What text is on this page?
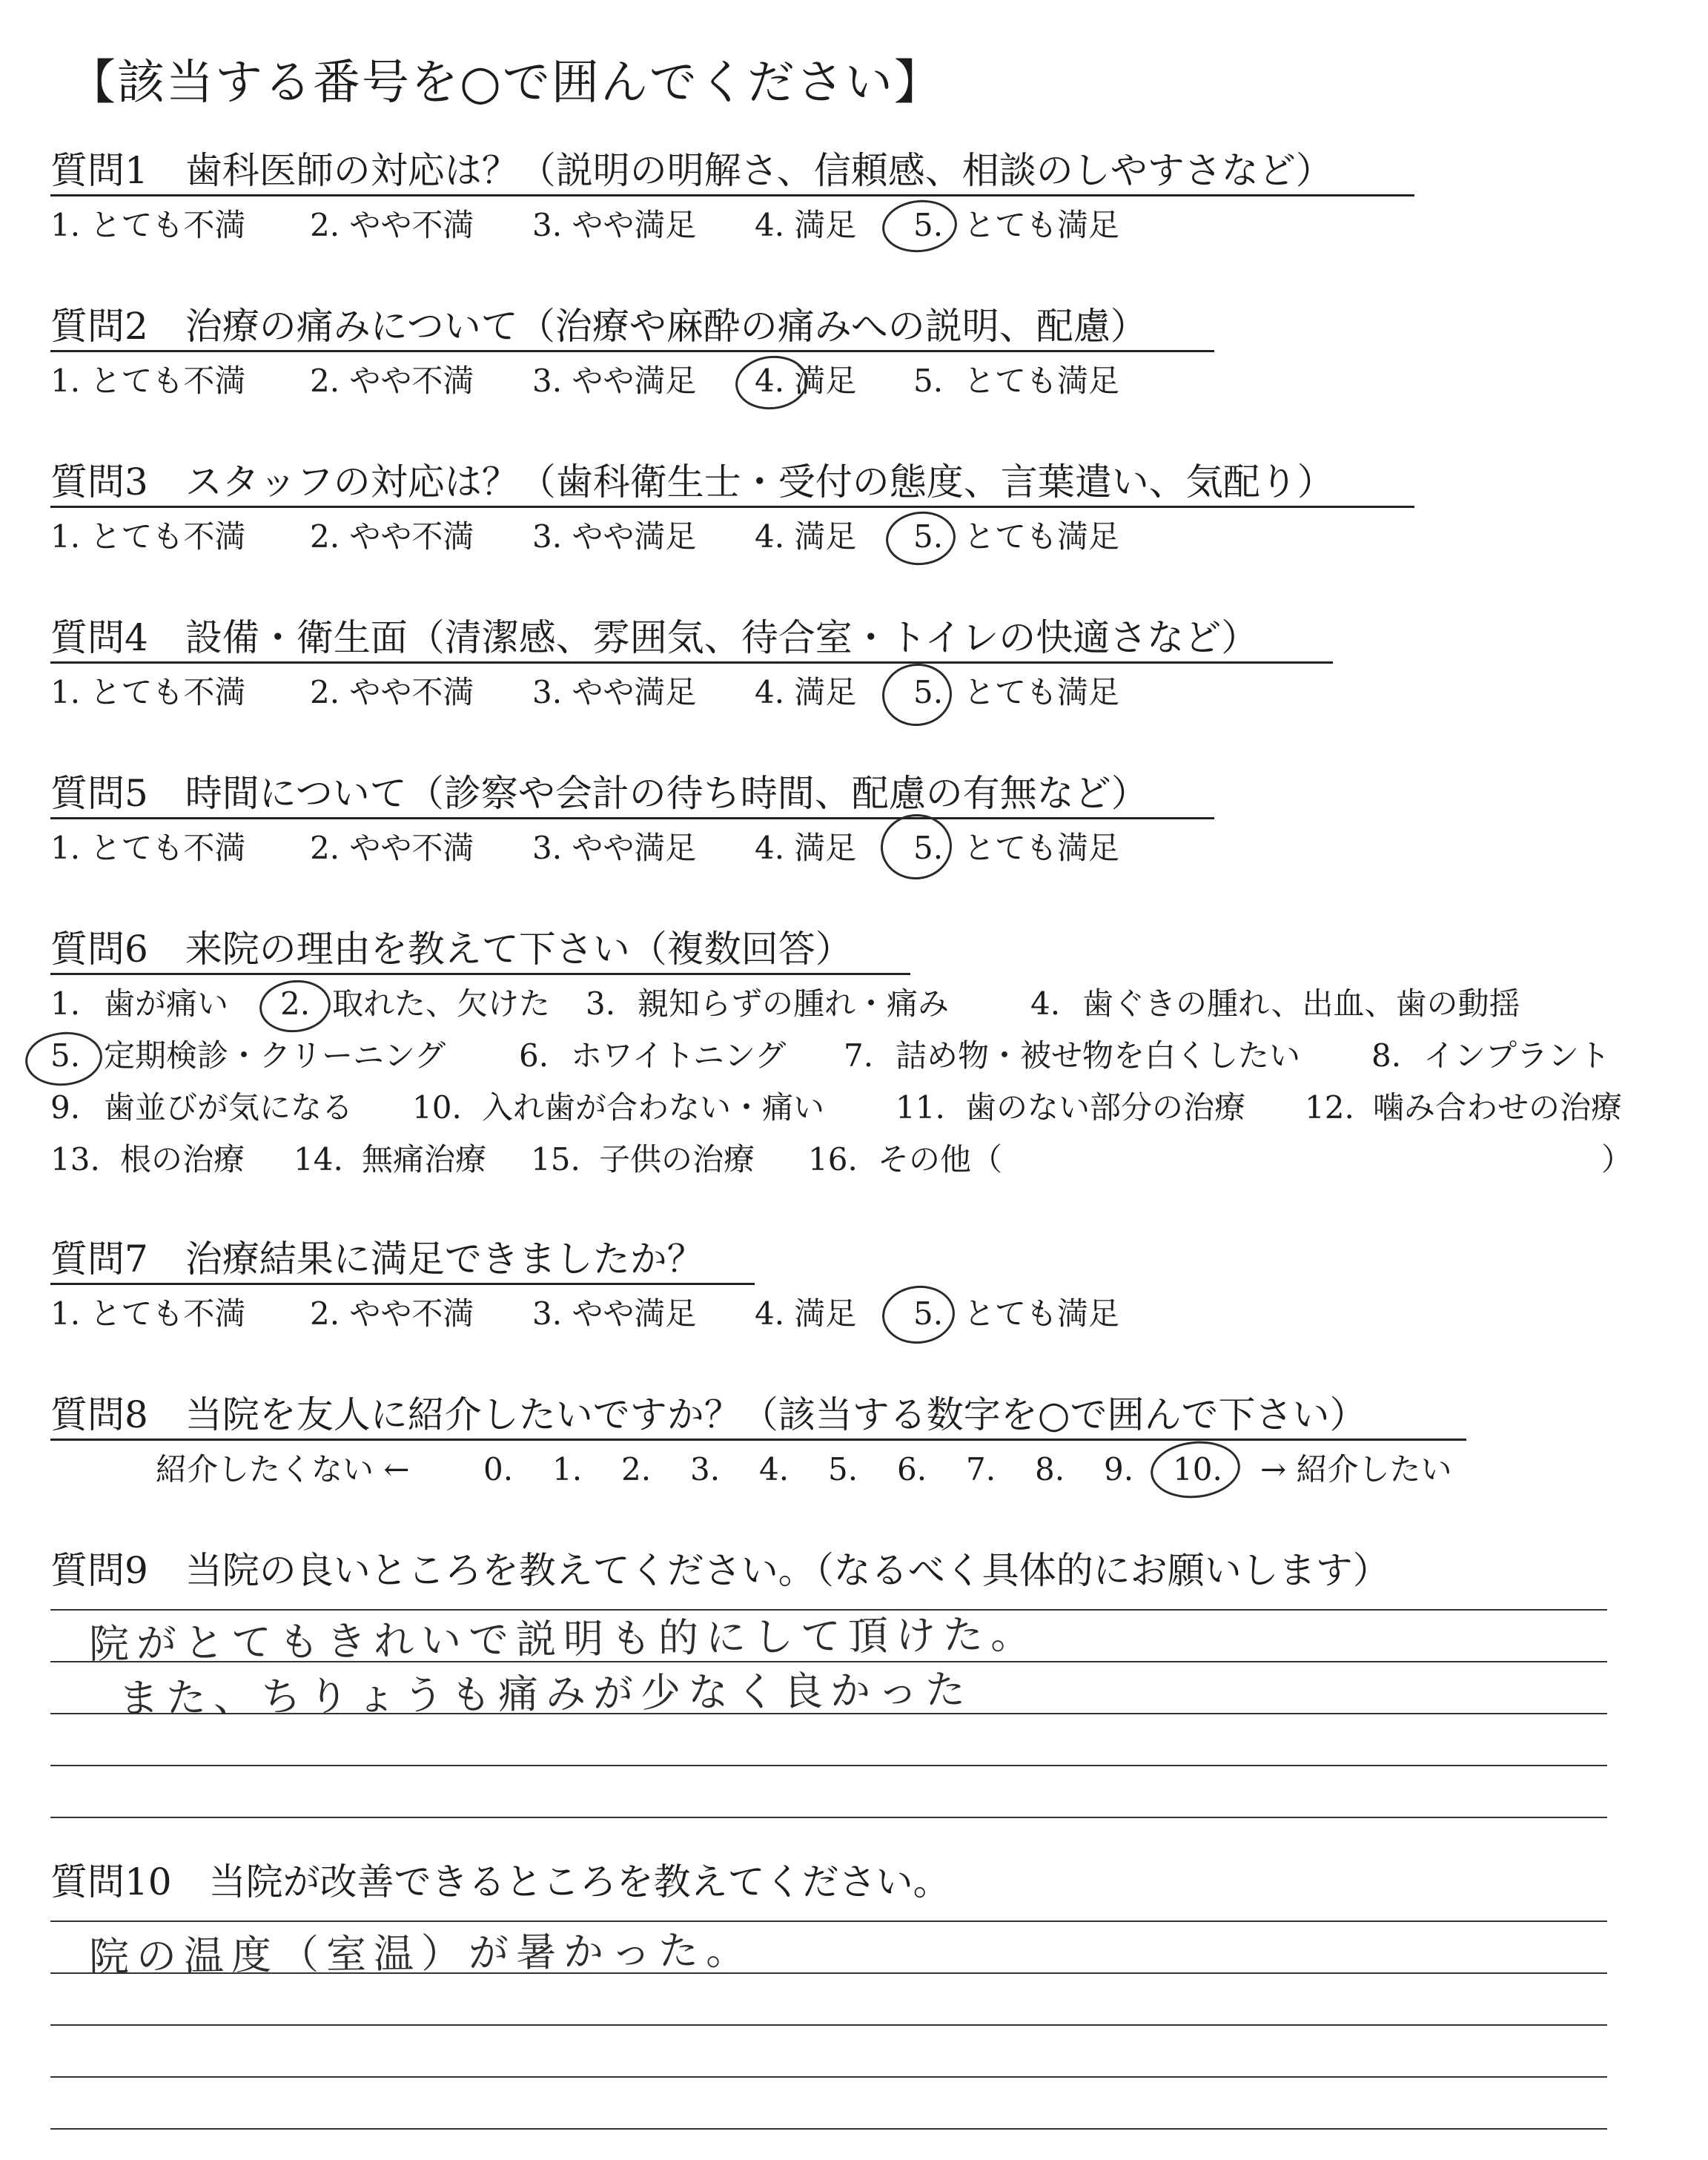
【該当する番号を○で囲んでください】
質問1　歯科医師の対応は？（説明の明解さ、信頼感、相談のしやすさなど）
1. とても不満 2. やや不満 3. やや満足 4. 満足 5. とても満足
質問2　治療の痛みについて（治療や麻酔の痛みへの説明、配慮）
1. とても不満 2. やや不満 3. やや満足 4. 満足 5. とても満足
質問3　スタッフの対応は？（歯科衛生士・受付の態度、言葉遣い、気配り）
1. とても不満 2. やや不満 3. やや満足 4. 満足 5. とても満足
質問4　設備・衛生面（清潔感、雰囲気、待合室・トイレの快適さなど）
1. とても不満 2. やや不満 3. やや満足 4. 満足 5. とても満足
質問5　時間について（診察や会計の待ち時間、配慮の有無など）
1. とても不満 2. やや不満 3. やや満足 4. 満足 5. とても満足
質問6　来院の理由を教えて下さい（複数回答）
1. 歯が痛い 2. 取れた、欠けた 3. 親知らずの腫れ・痛み	4. 歯ぐきの腫れ、出血、歯の動揺
5. 定期検診・クリーニング 6. ホワイトニング 7. 詰め物・被せ物を白くしたい 8. インプラント
9. 歯並びが気になる 10. 入れ歯が合わない・痛い 11. 歯のない部分の治療 12. 噛み合わせの治療
13. 根の治療 14. 無痛治療 15. 子供の治療 16. その他（	）
質問7　治療結果に満足できましたか？
1. とても不満 2. やや不満 3. やや満足 4. 満足 5. とても満足
質問8　当院を友人に紹介したいですか？（該当する数字を○で囲んで下さい）
紹介したくない ← 0. 1. 2. 3. 4. 5. 6. 7. 8. 9. 10. → 紹介したい
質問9　当院の良いところを教えてください。（なるべく具体的にお願いします）
院がとてもきれいで説明も的にして頂けた。
また、ちりょうも痛みが少なく良かった
質問10　当院が改善できるところを教えてください。
院の温度（室温）が暑かった。
